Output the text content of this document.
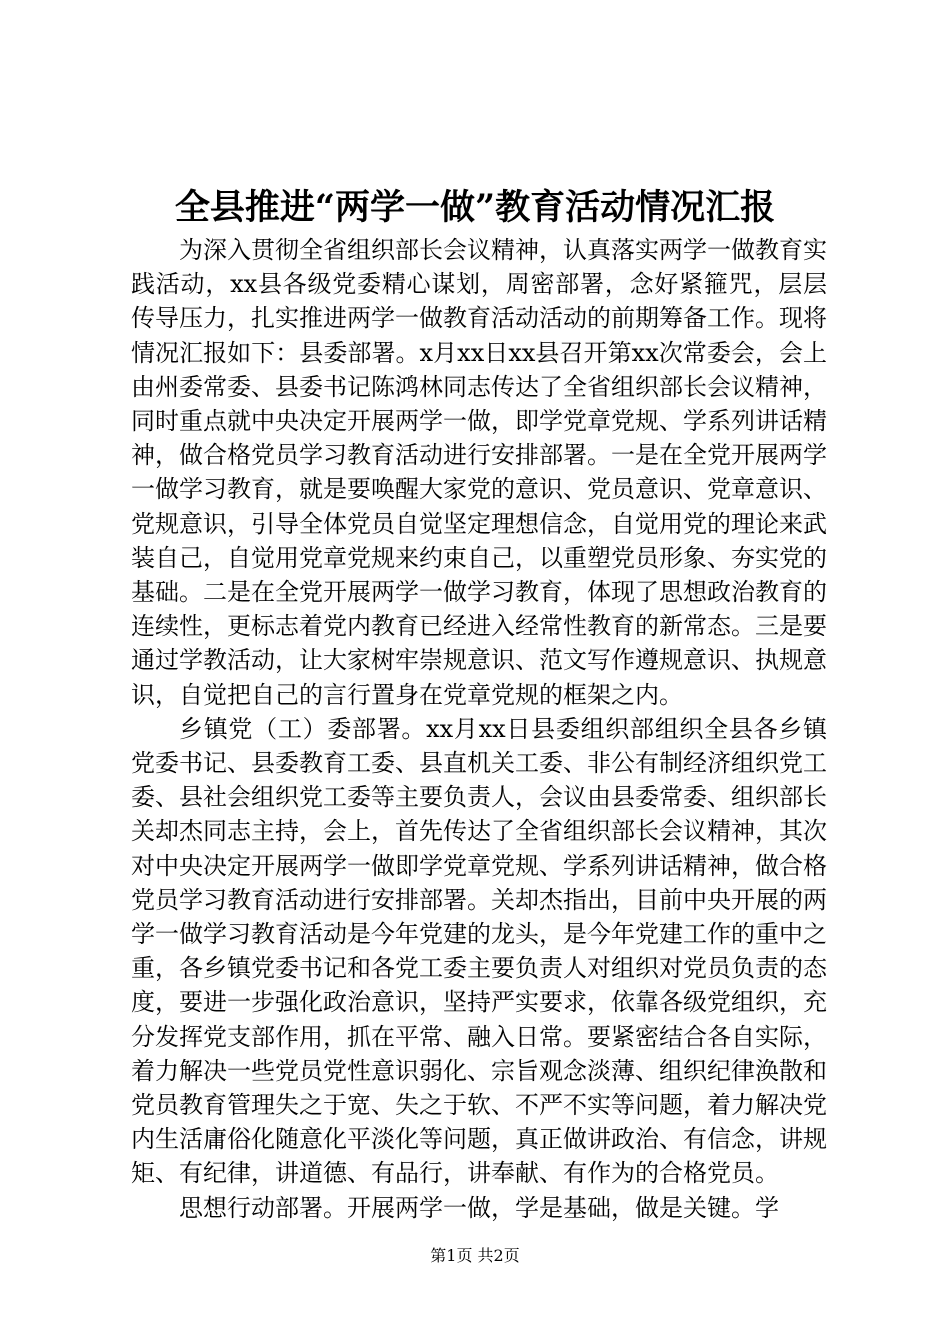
全县推进“两学一做”教育活动情况汇报

为深入贯彻全省组织部长会议精神，认真落实两学一做教育实践活动，xx县各级党委精心谋划，周密部署，念好紧箍咒，层层传导压力，扎实推进两学一做教育活动活动的前期筹备工作。现将情况汇报如下：县委部署。x月xx日xx县召开第xx次常委会，会上由州委常委、县委书记陈鸿林同志传达了全省组织部长会议精神，同时重点就中央决定开展两学一做，即学党章党规、学系列讲话精神，做合格党员学习教育活动进行安排部署。一是在全党开展两学一做学习教育，就是要唤醒大家党的意识、党员意识、党章意识、党规意识，引导全体党员自觉坚定理想信念，自觉用党的理论来武装自己，自觉用党章党规来约束自己，以重塑党员形象、夯实党的基础。二是在全党开展两学一做学习教育，体现了思想政治教育的连续性，更标志着党内教育已经进入经常性教育的新常态。三是要通过学教活动，让大家树牢崇规意识、范文写作遵规意识、执规意识，自觉把自己的言行置身在党章党规的框架之内。

乡镇党（工）委部署。xx月xx日县委组织部组织全县各乡镇党委书记、县委教育工委、县直机关工委、非公有制经济组织党工委、县社会组织党工委等主要负责人，会议由县委常委、组织部长关却杰同志主持，会上，首先传达了全省组织部长会议精神，其次对中央决定开展两学一做即学党章党规、学系列讲话精神，做合格党员学习教育活动进行安排部署。关却杰指出，目前中央开展的两学一做学习教育活动是今年党建的龙头，是今年党建工作的重中之重，各乡镇党委书记和各党工委主要负责人对组织对党员负责的态度，要进一步强化政治意识，坚持严实要求，依靠各级党组织，充分发挥党支部作用，抓在平常、融入日常。要紧密结合各自实际，着力解决一些党员党性意识弱化、宗旨观念淡薄、组织纪律涣散和党员教育管理失之于宽、失之于软、不严不实等问题，着力解决党内生活庸俗化随意化平淡化等问题，真正做讲政治、有信念，讲规矩、有纪律，讲道德、有品行，讲奉献、有作为的合格党员。

思想行动部署。开展两学一做，学是基础，做是关键。学

第1页 共2页
